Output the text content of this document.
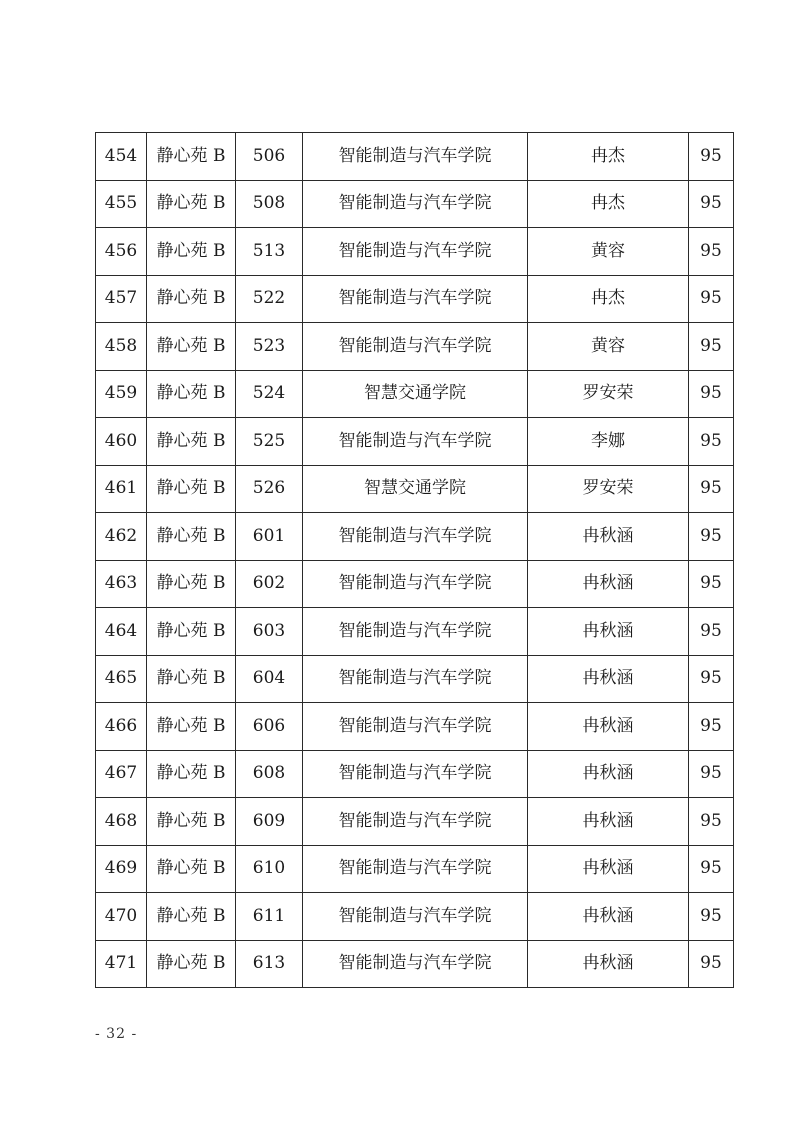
454	静心苑 B	506	智能制造与汽车学院	冉杰	95
455	静心苑 B	508	智能制造与汽车学院	冉杰	95
456	静心苑 B	513	智能制造与汽车学院	黄容	95
457	静心苑 B	522	智能制造与汽车学院	冉杰	95
458	静心苑 B	523	智能制造与汽车学院	黄容	95
459	静心苑 B	524	智慧交通学院	罗安荣	95
460	静心苑 B	525	智能制造与汽车学院	李娜	95
461	静心苑 B	526	智慧交通学院	罗安荣	95
462	静心苑 B	601	智能制造与汽车学院	冉秋涵	95
463	静心苑 B	602	智能制造与汽车学院	冉秋涵	95
464	静心苑 B	603	智能制造与汽车学院	冉秋涵	95
465	静心苑 B	604	智能制造与汽车学院	冉秋涵	95
466	静心苑 B	606	智能制造与汽车学院	冉秋涵	95
467	静心苑 B	608	智能制造与汽车学院	冉秋涵	95
468	静心苑 B	609	智能制造与汽车学院	冉秋涵	95
469	静心苑 B	610	智能制造与汽车学院	冉秋涵	95
470	静心苑 B	611	智能制造与汽车学院	冉秋涵	95
471	静心苑 B	613	智能制造与汽车学院	冉秋涵	95
- 32 -
